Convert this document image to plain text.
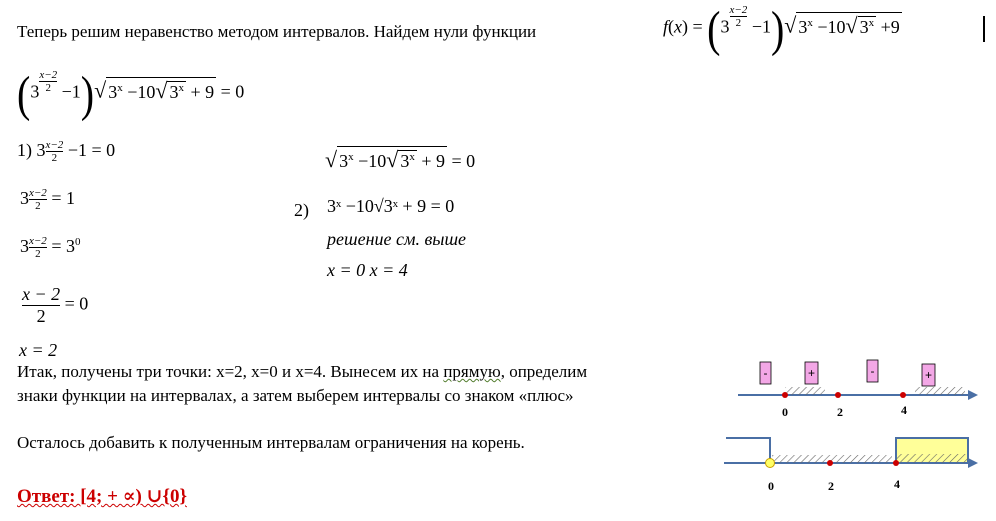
Теперь решим неравенство методом интервалов. Найдем нули функции	$f(x) = (3 \frac{x-2}{2} -1)√$ $3^x -10√$ $3^x +9$
$(3 \frac{x-2}{2} -1)√$ $3^x -10√$ $3^x + 9 = 0$
1) $3 \frac{x-2}{2} -1 = 0$
$3 \frac{x-2}{2} = 1$
$3 \frac{x-2}{2} = 3^0$
$\frac{x - 2}{2} = 0$
x = 2
√ $3^x -10√$ $3^x + 9 = 0$
2) 3ˣ −10√3ˣ + 9 = 0
решение см. выше
x = 0 x = 4
Итак, получены три точки: x=2, x=0 и x=4. Вынесем их на прямую, определим
знаки функции на интервалах, а затем выберем интервалы со знаком «плюс»
Осталось добавить к полученным интервалам ограничения на корень.
Ответ: [4; + ∝) ∪{0}
-	+	-	+
0	2	4
0	2	4
